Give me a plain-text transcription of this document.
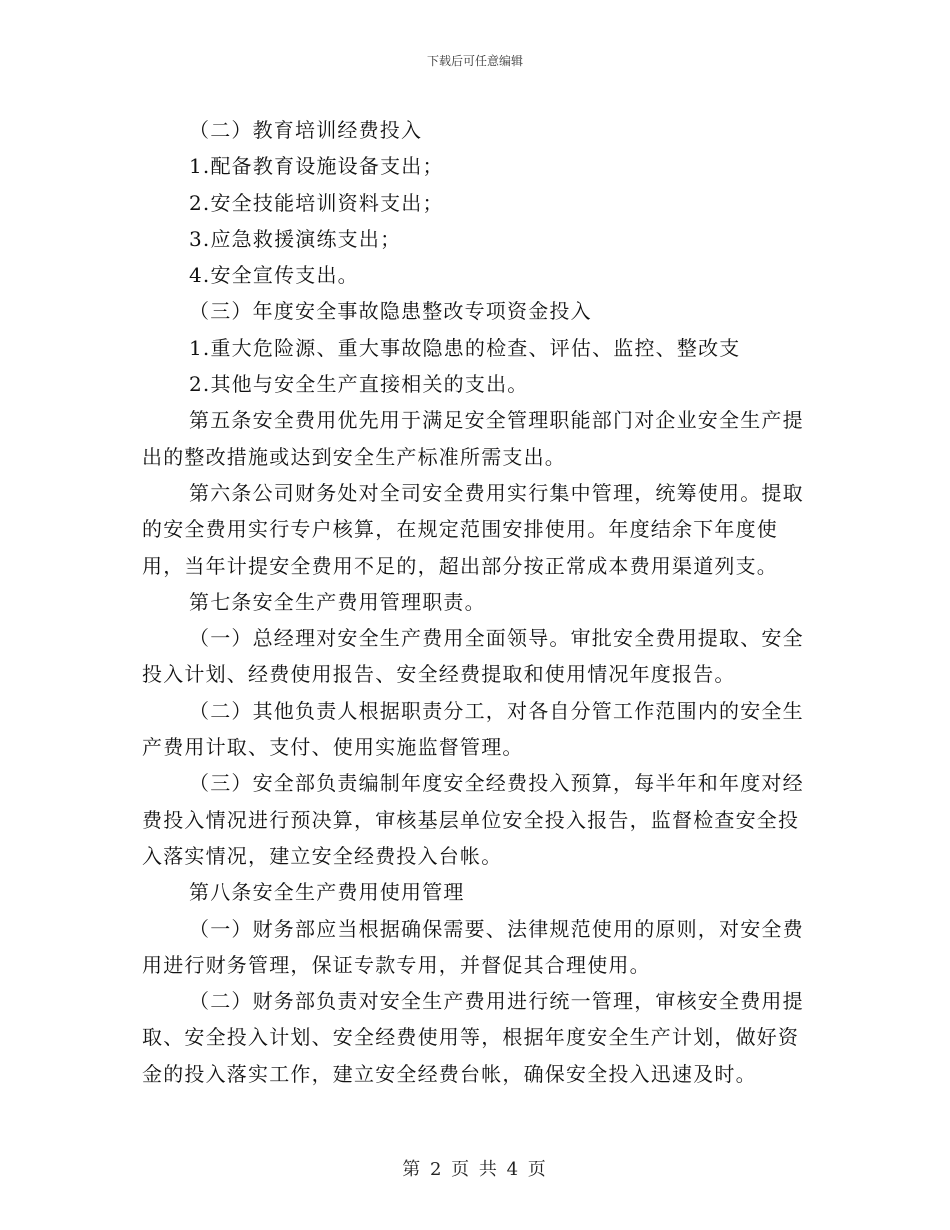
下载后可任意编辑

（二）教育培训经费投入

1.配备教育设施设备支出；

2.安全技能培训资料支出；

3.应急救援演练支出；

4.安全宣传支出。

（三）年度安全事故隐患整改专项资金投入

1.重大危险源、重大事故隐患的检查、评估、监控、整改支

2.其他与安全生产直接相关的支出。

第五条安全费用优先用于满足安全管理职能部门对企业安全生产提出的整改措施或达到安全生产标准所需支出。

第六条公司财务处对全司安全费用实行集中管理，统筹使用。提取的安全费用实行专户核算，在规定范围安排使用。年度结余下年度使用，当年计提安全费用不足的，超出部分按正常成本费用渠道列支。

第七条安全生产费用管理职责。

（一）总经理对安全生产费用全面领导。审批安全费用提取、安全投入计划、经费使用报告、安全经费提取和使用情况年度报告。

（二）其他负责人根据职责分工，对各自分管工作范围内的安全生产费用计取、支付、使用实施监督管理。

（三）安全部负责编制年度安全经费投入预算，每半年和年度对经费投入情况进行预决算，审核基层单位安全投入报告，监督检查安全投入落实情况，建立安全经费投入台帐。

第八条安全生产费用使用管理

（一）财务部应当根据确保需要、法律规范使用的原则，对安全费用进行财务管理，保证专款专用，并督促其合理使用。

（二）财务部负责对安全生产费用进行统一管理，审核安全费用提取、安全投入计划、安全经费使用等，根据年度安全生产计划，做好资金的投入落实工作，建立安全经费台帐，确保安全投入迅速及时。

第 2 页 共 4 页
